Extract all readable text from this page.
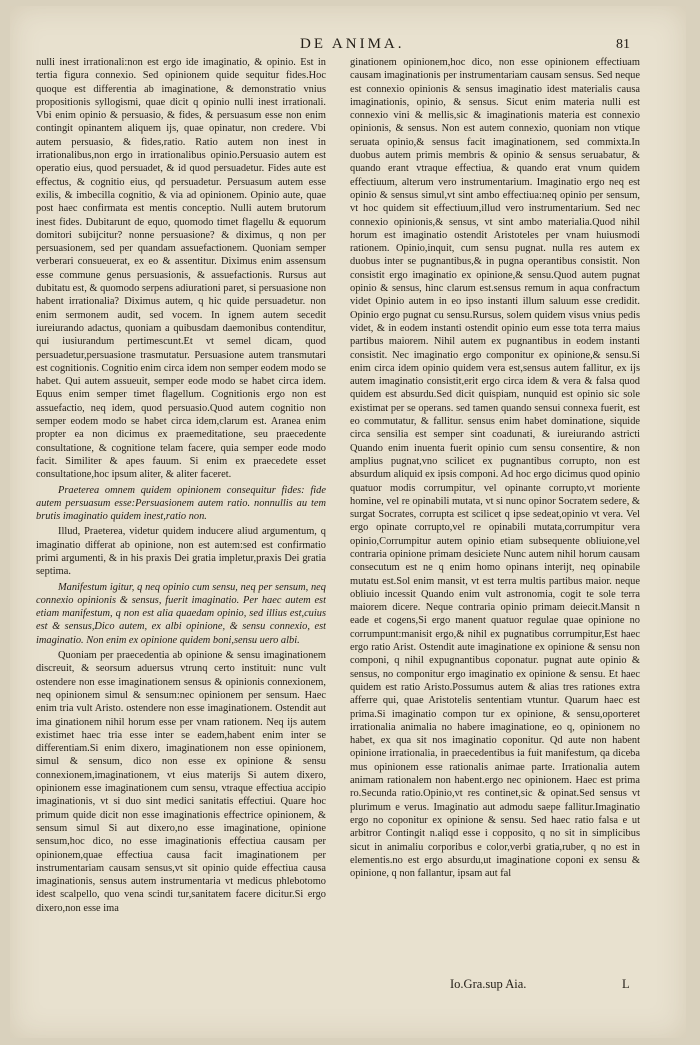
DE ANIMA.	81

nulli inest irrationali:non est ergo ide imaginatio, & opinio. Est in tertia figura connexio. Sed opinionem quide sequitur fides.Hoc quoque est differentia ab imaginatione, & demonstratio vnius propositionis syllogismi, quae dicit q opinio nulli inest irrationali. Vbi enim opinio & persuasio, & fides, & persuasum esse non enim contingit opinantem aliquem ijs, quae opinatur, non credere. Vbi autem persuasio, & fides,ratio. Ratio autem non inest in irrationalibus,non ergo in irrationalibus opinio.Persuasio autem est operatio eius, quod persuadet, & id quod persuadetur. Fides aute est effectus, & cognitio eius, qd persuadetur. Persuasum autem esse exilis, & imbecilla cognitio, & via ad opinionem. Opinio aute, quae post haec confirmata est mentis conceptio. Nulli autem brutorum inest fides. Dubitarunt de equo, quomodo timet flagellu & equorum domitori subijcitur? nonne persuasione? & diximus, q non per persuasionem, sed per quandam assuefactionem. Quoniam semper verberari consueuerat, ex eo & assentitur. Diximus enim assensum esse commune genus persuasionis, & assuefactionis. Rursus aut dubitatu est, & quomodo serpens adiurationi paret, si persuasione non habent irrationalia? Diximus autem, q hic quide persuadetur. non enim sermonem audit, sed vocem. In ignem autem secedit iureiurando adactus, quoniam a quibusdam daemonibus contenditur, qui iusiurandum pertimescunt.Et vt semel dicam, quod persuadetur,persuasione trasmutatur. Persuasione autem transmutari est cognitionis. Cognitio enim circa idem non semper eodem modo se habet. Qui autem assueuit, semper eode modo se habet circa idem. Equus enim semper timet flagellum. Cognitionis ergo non est assuefactio, neq idem, quod persuasio.Quod autem cognitio non semper eodem modo se habet circa idem,clarum est. Aranea enim propter ea non dicimus ex praemeditatione, seu praecedente consultatione, & cognitione telam facere, quia semper eode modo facit. Similiter & apes fauum. Si enim ex praecedete esset consultatione,hoc ipsum aliter, & aliter faceret.

Praeterea omnem quidem opinionem consequitur fides: fide autem persuasum esse:Persuasionem autem ratio. nonnullis au tem brutis imaginatio quidem inest,ratio non.

Illud, Praeterea, videtur quidem inducere aliud argumentum, q imaginatio differat ab opinione, non est autem:sed est confirmatio primi argumenti, & in his praxis Dei gratia impletur,praxis Dei gratia septima.

Manifestum igitur, q neq opinio cum sensu, neq per sensum, neq connexio opinionis & sensus, fuerit imaginatio. Per haec autem est etiam manifestum, q non est alia quaedam opinio, sed illius est,cuius est & sensus,Dico autem, ex albi opinione, & sensu connexio, est imaginatio. Non enim ex opinione quidem boni,sensu uero albi.

Quoniam per praecedentia ab opinione & sensu imaginationem discreuit, & seorsum aduersus vtrunq certo instituit: nunc vult ostendere non esse imaginationem sensus & opinionis connexionem, neq opinionem simul & sensum:nec opinionem per sensum. Haec enim tria vult Aristo. ostendere non esse imaginationem. Ostendit aut ima ginationem nihil horum esse per vnam rationem. Neq ijs autem existimet haec tria esse inter se eadem,habent enim inter se differentiam.Si enim dixero, imaginationem non esse opinionem, simul & sensum, dico non esse ex opinione & sensu connexionem,imaginationem, vt eius materijs Si autem dixero, opinionem esse imaginationem cum sensu, vtraque effectiua accipio imaginationis, vt si duo sint medici sanitatis effectiui. Quare hoc primum quide dicit non esse imaginationis effectrice opinionem, & sensum simul Si aut dixero,no esse imaginatione, opinione sensum,hoc dico, no esse imaginationis effectiua causam per opinionem,quae effectiua causa facit imaginationem per instrumentariam causam sensus,vt sit opinio quide effectiua causa imaginationis, sensus autem instrumentaria vt medicus phlebotomo idest scalpello, quo vena scindi tur,sanitatem facere dicitur.Si ergo dixero,non esse ima

ginationem opinionem,hoc dico, non esse opinionem effectiuam causam imaginationis per instrumentariam causam sensus. Sed neque est connexio opinionis & sensus imaginatio idest materialis causa imaginationis, opinio, & sensus. Sicut enim materia nulli est connexio vini & mellis,sic & imaginationis materia est connexio opinionis, & sensus. Non est autem connexio, quoniam non vtique seruata opinio,& sensus facit imaginationem, sed commixta.In duobus autem primis membris & opinio & sensus seruabatur, & quando erant vtraque effectiua, & quando erat vnum quidem effectiuum, alterum vero instrumentarium. Imaginatio ergo neq est opinio & sensus simul,vt sint ambo effectiua:neq opinio per sensum, vt hoc quidem sit effectiuum,illud vero instrumentarium. Sed nec connexio opinionis,& sensus, vt sint ambo materialia.Quod nihil horum est imaginatio ostendit Aristoteles per vnam huiusmodi rationem. Opinio,inquit, cum sensu pugnat. nulla res autem ex duobus inter se pugnantibus,& in pugna operantibus consistit. Non consistit ergo imaginatio ex opinione,& sensu.Quod autem pugnat opinio & sensus, hinc clarum est.sensus remum in aqua confractum videt Opinio autem in eo ipso instanti illum saluum esse credidit. Opinio ergo pugnat cu sensu.Rursus, solem quidem visus vnius pedis videt, & in eodem instanti ostendit opinio eum esse tota terra maius partibus maiorem. Nihil autem ex pugnantibus in eodem instanti consistit. Nec imaginatio ergo componitur ex opinione,& sensu.Si enim circa idem opinio quidem vera est,sensus autem fallitur, ex ijs autem imaginatio consistit,erit ergo circa idem & vera & falsa quod quidem est absurdu.Sed dicit quispiam, nunquid est opinio sic sole existimat per se operans. sed tamen quando sensui connexa fuerit, est eo commutatur, & fallitur. sensus enim habet dominatione, siquide circa sensilia est semper sint coadunati, & iureiurando astricti Quando enim inuenta fuerit opinio cum sensu consentire, & non amplius pugnat,vno scilicet ex pugnantibus corrupto, non est absurdum aliquid ex ipsis componi. Ad hoc ergo dicimus quod opinio quatuor modis corrumpitur, vel opinante corrupto,vt moriente homine, vel re opinabili mutata, vt si nunc opinor Socratem sedere, & surgat Socrates, corrupta est scilicet q ipse sedeat,opinio vt vera. Vel ergo opinate corrupto,vel re opinabili mutata,corrumpitur vera opinio,Corrumpitur autem opinio etiam subsequente obliuione,vel contraria opinione primam desiciete Nunc autem nihil horum causam consecutum est ne q enim homo opinans interijt, neq opinabile mutatu est.Sol enim mansit, vt est terra multis partibus maior. neque obliuio incessit Quando enim vult astronomia, cogit te sole terra maiorem dicere. Neque contraria opinio primam deiecit.Mansit n eade et cogens,Si ergo manent quatuor regulae quae opinione no corrumpunt:manisit ergo,& nihil ex pugnatibus corrumpitur,Est haec ergo ratio Arist. Ostendit aute imaginatione ex opinione & sensu non componi, q nihil expugnantibus coponatur. pugnat aute opinio & sensus, no componitur ergo imaginatio ex opinione & sensu. Et haec quidem est ratio Aristo.Possumus autem & alias tres rationes extra afferre qui, quae Aristotelis sententiam vtuntur. Quarum haec est prima.Si imaginatio compon tur ex opinione, & sensu,oporteret irrationalia animalia no habere imaginatione, eo q, opinionem no habet, ex qua sit nos imaginatio coponitur. Qd aute non habent opinione irrationalia, in praecedentibus ia fuit manifestum, qa diceba mus opinionem esse rationalis animae parte. Irrationalia autem animam rationalem non habent.ergo nec opinionem. Haec est prima ro.Secunda ratio.Opinio,vt res continet,sic & opinat.Sed sensus vt plurimum e verus. Imaginatio aut admodu saepe fallitur.Imaginatio ergo no coponitur ex opinione & sensu. Sed haec ratio falsa e ut arbitror Contingit n.aliqd esse i copposito, q no sit in simplicibus sicut in animaliu corporibus e color,verbi gratia,ruber, q no est in elementis.no est ergo absurdu,ut imaginatione coponi ex sensu & opinione, q non fallantur, ipsam aut fal

Io.Gra.sup Aia.	L
